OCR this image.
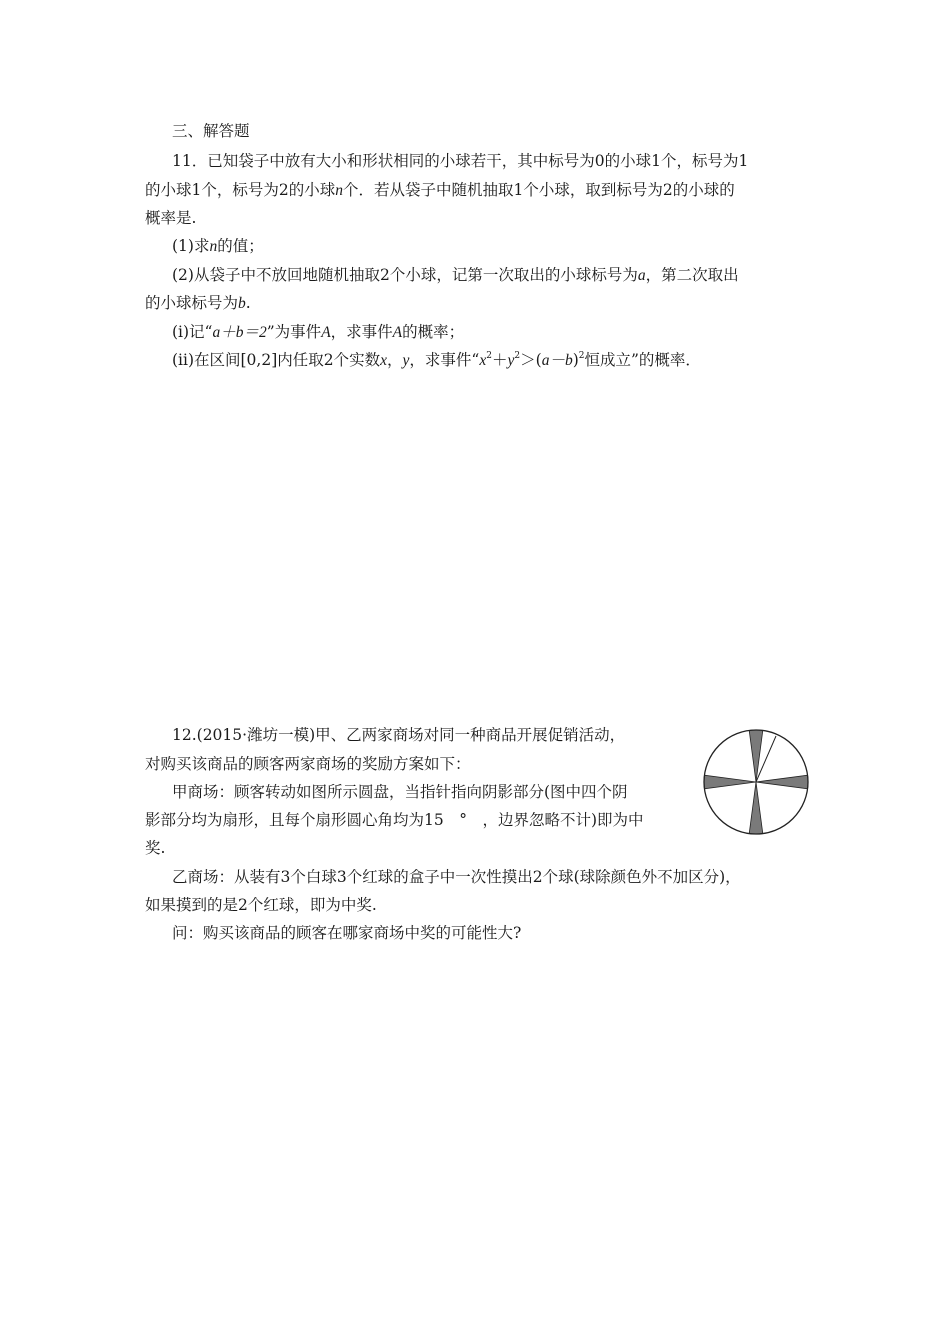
三、解答题
11．已知袋子中放有大小和形状相同的小球若干，其中标号为0的小球1个，标号为1
的小球1个，标号为2的小球n个．若从袋子中随机抽取1个小球，取到标号为2的小球的
概率是.
(1)求n的值；
(2)从袋子中不放回地随机抽取2个小球，记第一次取出的小球标号为a，第二次取出
的小球标号为b.
(ⅰ)记“a＋b＝2”为事件A，求事件A的概率；
(ⅱ)在区间[0,2]内任取2个实数x，y，求事件“$x^2+y^2>(a-b)^2$恒成立”的概率．
12.(2015·潍坊一模)甲、乙两家商场对同一种商品开展促销活动，
对购买该商品的顾客两家商场的奖励方案如下：
甲商场：顾客转动如图所示圆盘，当指针指向阴影部分(图中四个阴
影部分均为扇形，且每个扇形圆心角均为15　°　，边界忽略不计)即为中
奖.
乙商场：从装有3个白球3个红球的盒子中一次性摸出2个球(球除颜色外不加区分)，
如果摸到的是2个红球，即为中奖.
问：购买该商品的顾客在哪家商场中奖的可能性大?
